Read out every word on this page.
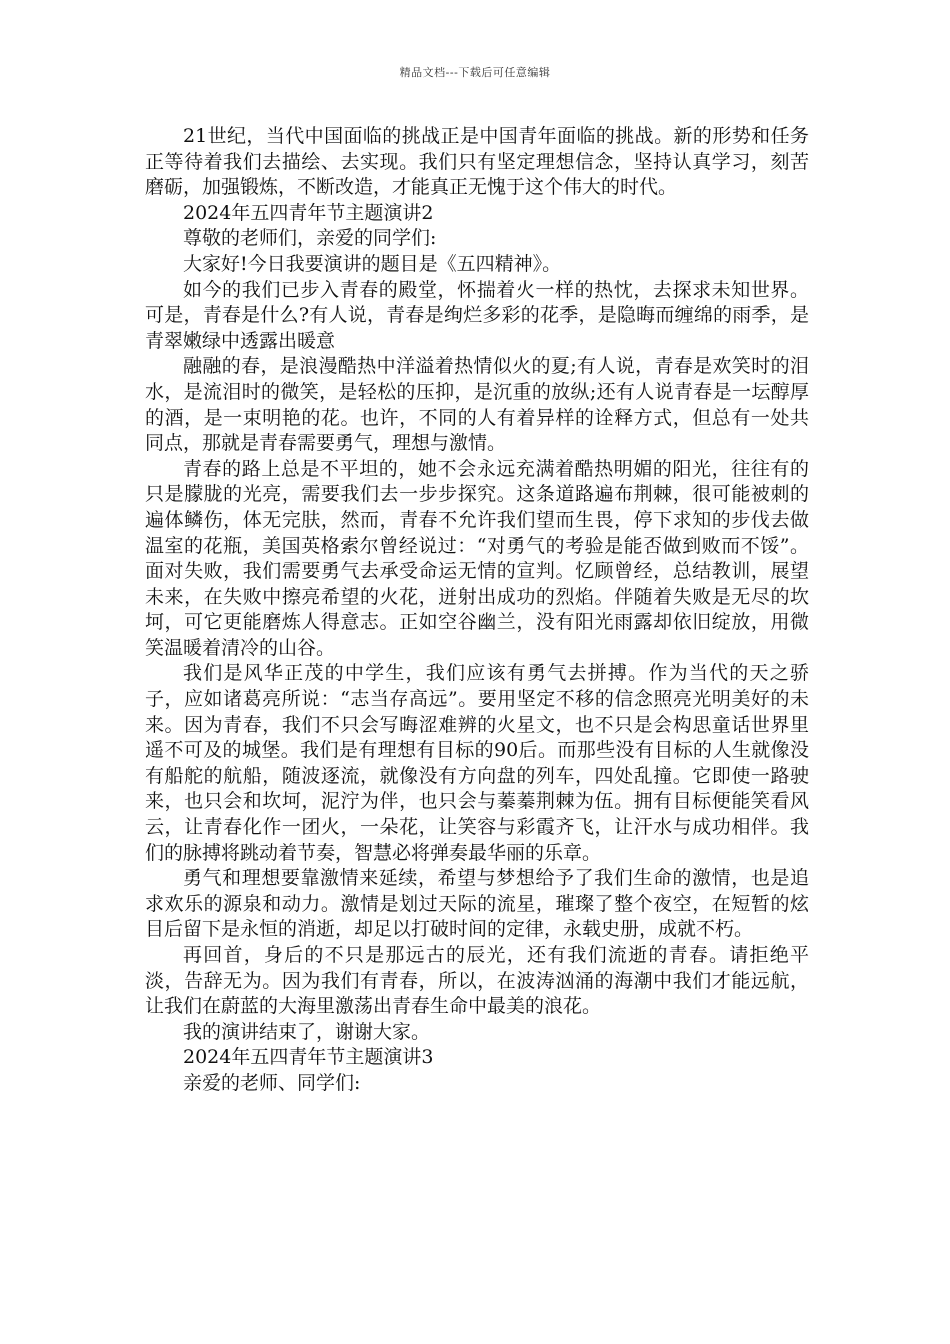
精品文档---下载后可任意编辑

21世纪，当代中国面临的挑战正是中国青年面临的挑战。新的形势和任务正等待着我们去描绘、去实现。我们只有坚定理想信念，坚持认真学习，刻苦磨砺，加强锻炼，不断改造，才能真正无愧于这个伟大的时代。

2024年五四青年节主题演讲2

尊敬的老师们，亲爱的同学们:

大家好!今日我要演讲的题目是《五四精神》。

如今的我们已步入青春的殿堂，怀揣着火一样的热忱，去探求未知世界。可是，青春是什么?有人说，青春是绚烂多彩的花季，是隐晦而缠绵的雨季，是青翠嫩绿中透露出暖意

融融的春，是浪漫酷热中洋溢着热情似火的夏;有人说，青春是欢笑时的泪水，是流泪时的微笑，是轻松的压抑，是沉重的放纵;还有人说青春是一坛醇厚的酒，是一束明艳的花。也许，不同的人有着异样的诠释方式，但总有一处共同点，那就是青春需要勇气，理想与激情。

青春的路上总是不平坦的，她不会永远充满着酷热明媚的阳光，往往有的只是朦胧的光亮，需要我们去一步步探究。这条道路遍布荆棘，很可能被刺的遍体鳞伤，体无完肤，然而，青春不允许我们望而生畏，停下求知的步伐去做温室的花瓶，美国英格索尔曾经说过：“对勇气的考验是能否做到败而不馁”。面对失败，我们需要勇气去承受命运无情的宣判。忆顾曾经，总结教训，展望未来，在失败中擦亮希望的火花，迸射出成功的烈焰。伴随着失败是无尽的坎坷，可它更能磨炼人得意志。正如空谷幽兰，没有阳光雨露却依旧绽放，用微笑温暖着清冷的山谷。

我们是风华正茂的中学生，我们应该有勇气去拼搏。作为当代的天之骄子，应如诸葛亮所说：“志当存高远”。要用坚定不移的信念照亮光明美好的未来。因为青春，我们不只会写晦涩难辨的火星文，也不只是会构思童话世界里遥不可及的城堡。我们是有理想有目标的90后。而那些没有目标的人生就像没有船舵的航船，随波逐流，就像没有方向盘的列车，四处乱撞。它即使一路驶来，也只会和坎坷，泥泞为伴，也只会与蓁蓁荆棘为伍。拥有目标便能笑看风云，让青春化作一团火，一朵花，让笑容与彩霞齐飞，让汗水与成功相伴。我们的脉搏将跳动着节奏，智慧必将弹奏最华丽的乐章。

勇气和理想要靠激情来延续，希望与梦想给予了我们生命的激情，也是追求欢乐的源泉和动力。激情是划过天际的流星，璀璨了整个夜空，在短暂的炫目后留下是永恒的消逝，却足以打破时间的定律，永载史册，成就不朽。

再回首，身后的不只是那远古的辰光，还有我们流逝的青春。请拒绝平淡，告辞无为。因为我们有青春，所以，在波涛汹涌的海潮中我们才能远航，让我们在蔚蓝的大海里激荡出青春生命中最美的浪花。

我的演讲结束了，谢谢大家。

2024年五四青年节主题演讲3

亲爱的老师、同学们:
